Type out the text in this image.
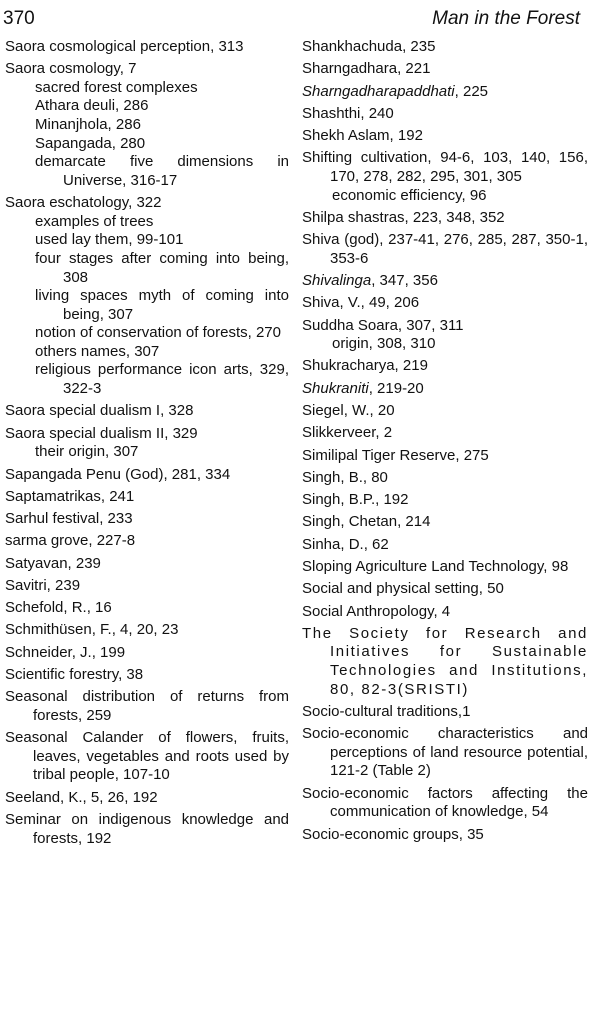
370	Man in the Forest
Saora cosmological perception, 313
Saora cosmology, 7
sacred forest complexes
Athara deuli, 286
Minanjhola, 286
Sapangada, 280
demarcate five dimensions in Universe, 316-17
Saora eschatology, 322
examples of trees
used lay them, 99-101
four stages after coming into being, 308
living spaces myth of coming into being, 307
notion of conservation of forests, 270
others names, 307
religious performance icon arts, 329, 322-3
Saora special dualism I, 328
Saora special dualism II, 329
their origin, 307
Sapangada Penu (God), 281, 334
Saptamatrikas, 241
Sarhul festival, 233
sarma grove, 227-8
Satyavan, 239
Savitri, 239
Schefold, R., 16
Schmithüsen, F., 4, 20, 23
Schneider, J., 199
Scientific forestry, 38
Seasonal distribution of returns from forests, 259
Seasonal Calander of flowers, fruits, leaves, vegetables and roots used by tribal people, 107-10
Seeland, K., 5, 26, 192
Seminar on indigenous knowledge and forests, 192
Shankhachuda, 235
Sharngadhara, 221
Sharngadharapaddhati, 225
Shashthi, 240
Shekh Aslam, 192
Shifting cultivation, 94-6, 103, 140, 156, 170, 278, 282, 295, 301, 305
economic efficiency, 96
Shilpa shastras, 223, 348, 352
Shiva (god), 237-41, 276, 285, 287, 350-1, 353-6
Shivalinga, 347, 356
Shiva, V., 49, 206
Suddha Soara, 307, 311
origin, 308, 310
Shukracharya, 219
Shukraniti, 219-20
Siegel, W., 20
Slikkerveer, 2
Similipal Tiger Reserve, 275
Singh, B., 80
Singh, B.P., 192
Singh, Chetan, 214
Sinha, D., 62
Sloping Agriculture Land Technology, 98
Social and physical setting, 50
Social Anthropology, 4
The Society for Research and Initiatives for Sustainable Technologies and Institutions, 80, 82-3(SRISTI)
Socio-cultural traditions,1
Socio-economic characteristics and perceptions of land resource potential, 121-2 (Table 2)
Socio-economic factors affecting the communication of knowledge, 54
Socio-economic groups, 35
